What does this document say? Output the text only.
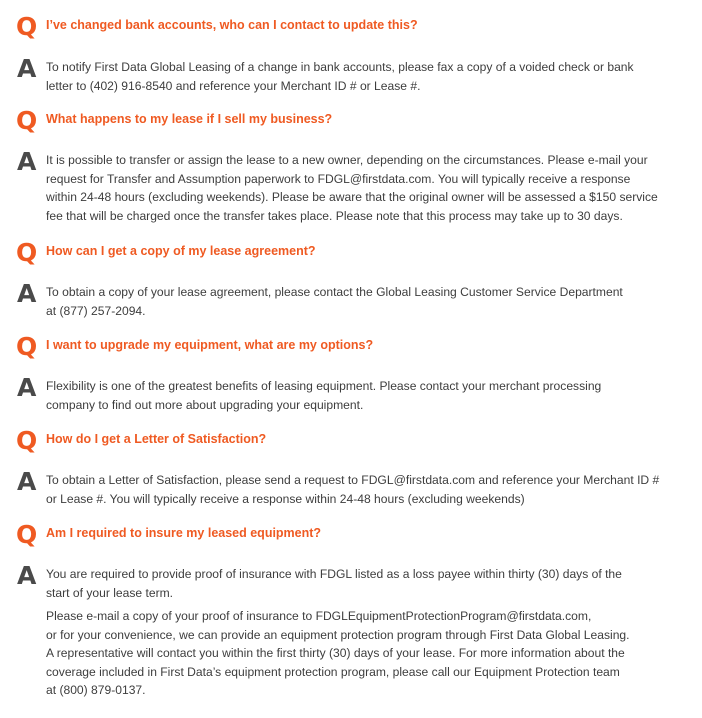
Q I’ve changed bank accounts, who can I contact to update this?
A To notify First Data Global Leasing of a change in bank accounts, please fax a copy of a voided check or bank
letter to (402) 916-8540 and reference your Merchant ID # or Lease #.
Q What happens to my lease if I sell my business?
A It is possible to transfer or assign the lease to a new owner, depending on the circumstances. Please e-mail your
request for Transfer and Assumption paperwork to FDGL@firstdata.com. You will typically receive a response
within 24-48 hours (excluding weekends). Please be aware that the original owner will be assessed a $150 service
fee that will be charged once the transfer takes place. Please note that this process may take up to 30 days.
Q How can I get a copy of my lease agreement?
A To obtain a copy of your lease agreement, please contact the Global Leasing Customer Service Department
at (877) 257-2094.
Q I want to upgrade my equipment, what are my options?
A Flexibility is one of the greatest benefits of leasing equipment. Please contact your merchant processing
company to find out more about upgrading your equipment.
Q How do I get a Letter of Satisfaction?
A To obtain a Letter of Satisfaction, please send a request to FDGL@firstdata.com and reference your Merchant ID #
or Lease #. You will typically receive a response within 24-48 hours (excluding weekends)
Q Am I required to insure my leased equipment?
A You are required to provide proof of insurance with FDGL listed as a loss payee within thirty (30) days of the
start of your lease term.
Please e-mail a copy of your proof of insurance to FDGLEquipmentProtectionProgram@firstdata.com,
or for your convenience, we can provide an equipment protection program through First Data Global Leasing.
A representative will contact you within the first thirty (30) days of your lease. For more information about the
coverage included in First Data’s equipment protection program, please call our Equipment Protection team
at (800) 879-0137.
